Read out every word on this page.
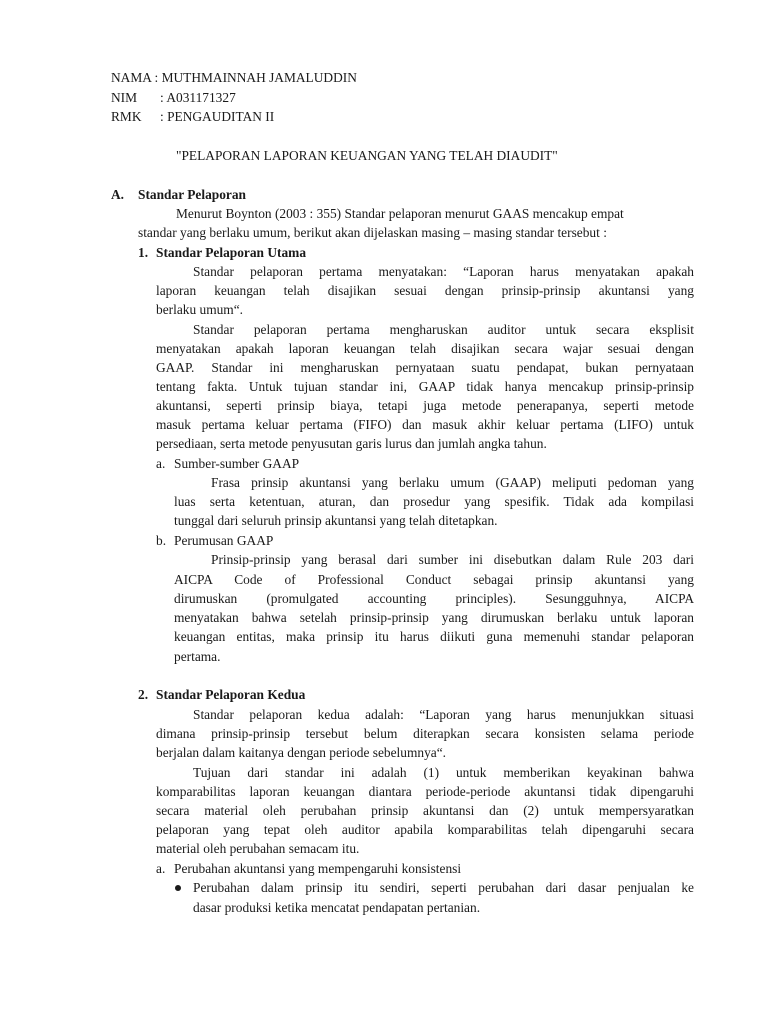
NAMA : MUTHMAINNAH JAMALUDDIN
NIM : A031171327
RMK : PENGAUDITAN II
"PELAPORAN LAPORAN KEUANGAN YANG TELAH DIAUDIT"
A. Standar Pelaporan
Menurut Boynton (2003 : 355) Standar pelaporan menurut GAAS mencakup empat
standar yang berlaku umum, berikut akan dijelaskan masing – masing standar tersebut :
1. Standar Pelaporan Utama
Standar pelaporan pertama menyatakan: “Laporan harus menyatakan apakah
laporan keuangan telah disajikan sesuai dengan prinsip-prinsip akuntansi yang
berlaku umum“.
Standar pelaporan pertama mengharuskan auditor untuk secara eksplisit
menyatakan apakah laporan keuangan telah disajikan secara wajar sesuai dengan
GAAP. Standar ini mengharuskan pernyataan suatu pendapat, bukan pernyataan
tentang fakta. Untuk tujuan standar ini, GAAP tidak hanya mencakup prinsip-prinsip
akuntansi, seperti prinsip biaya, tetapi juga metode penerapanya, seperti metode
masuk pertama keluar pertama (FIFO) dan masuk akhir keluar pertama (LIFO) untuk
persediaan, serta metode penyusutan garis lurus dan jumlah angka tahun.
a. Sumber-sumber GAAP
Frasa prinsip akuntansi yang berlaku umum (GAAP) meliputi pedoman yang
luas serta ketentuan, aturan, dan prosedur yang spesifik. Tidak ada kompilasi
tunggal dari seluruh prinsip akuntansi yang telah ditetapkan.
b. Perumusan GAAP
Prinsip-prinsip yang berasal dari sumber ini disebutkan dalam Rule 203 dari
AICPA Code of Professional Conduct sebagai prinsip akuntansi yang
dirumuskan (promulgated accounting principles). Sesungguhnya, AICPA
menyatakan bahwa setelah prinsip-prinsip yang dirumuskan berlaku untuk laporan
keuangan entitas, maka prinsip itu harus diikuti guna memenuhi standar pelaporan
pertama.
2. Standar Pelaporan Kedua
Standar pelaporan kedua adalah: “Laporan yang harus menunjukkan situasi
dimana prinsip-prinsip tersebut belum diterapkan secara konsisten selama periode
berjalan dalam kaitanya dengan periode sebelumnya“.
Tujuan dari standar ini adalah (1) untuk memberikan keyakinan bahwa
komparabilitas laporan keuangan diantara periode-periode akuntansi tidak dipengaruhi
secara material oleh perubahan prinsip akuntansi dan (2) untuk mempersyaratkan
pelaporan yang tepat oleh auditor apabila komparabilitas telah dipengaruhi secara
material oleh perubahan semacam itu.
a. Perubahan akuntansi yang mempengaruhi konsistensi
Perubahan dalam prinsip itu sendiri, seperti perubahan dari dasar penjualan ke
dasar produksi ketika mencatat pendapatan pertanian.
